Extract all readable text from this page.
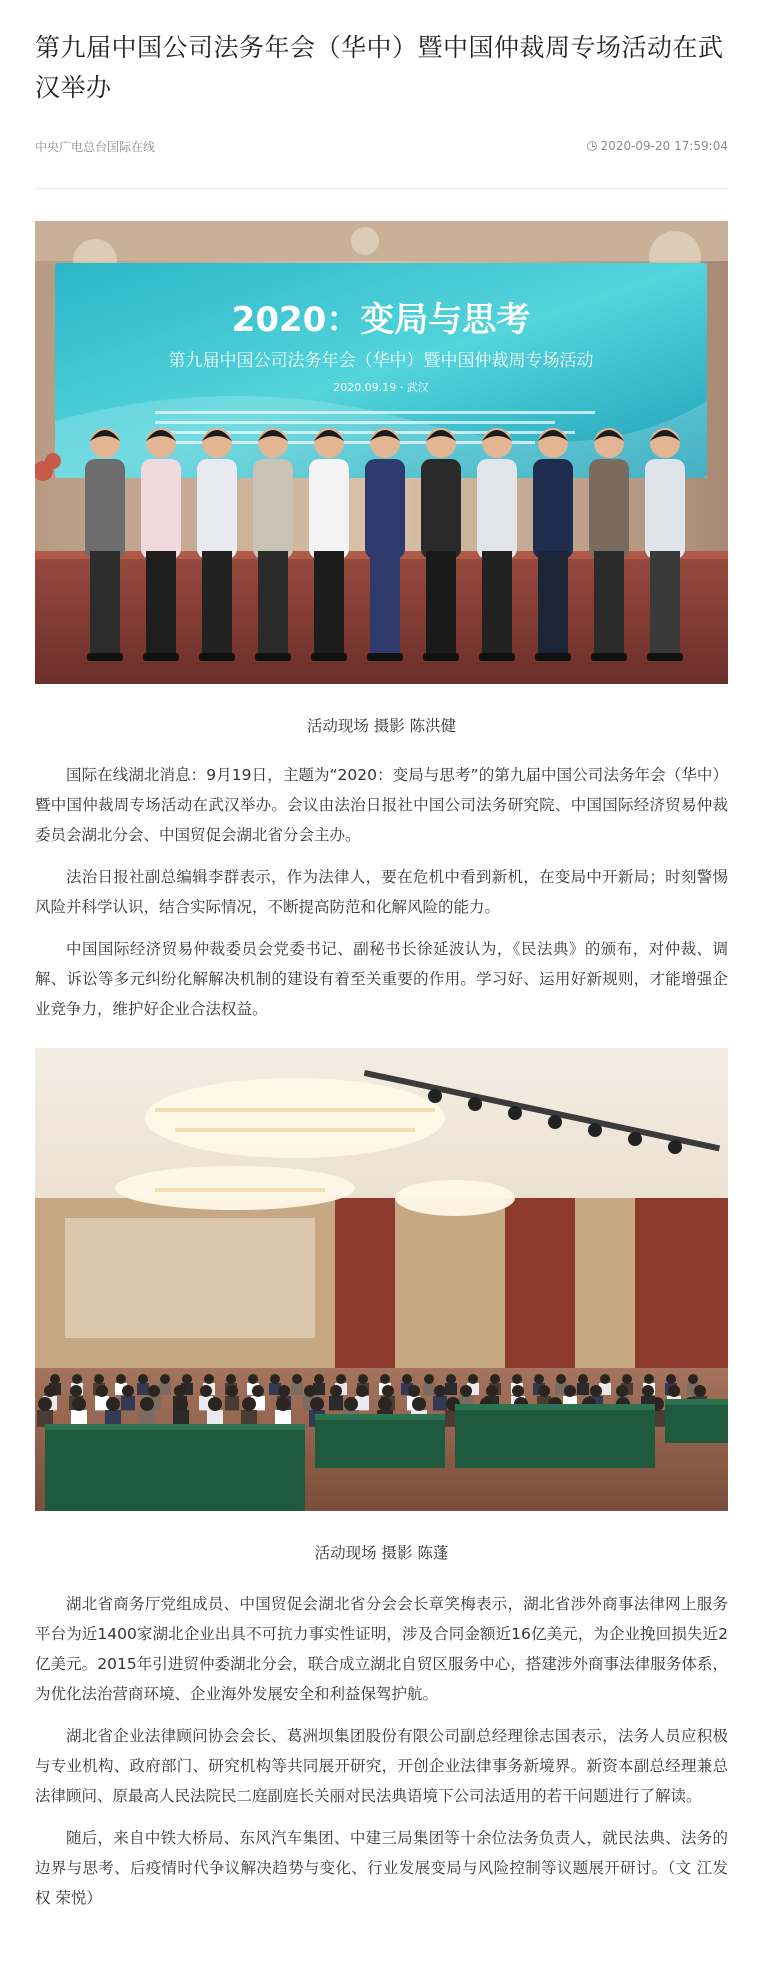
第九届中国公司法务年会（华中）暨中国仲裁周专场活动在武汉举办
中央广电总台国际在线	2020-09-20 17:59:04
2020：变局与思考
第九届中国公司法务年会（华中）暨中国仲裁周专场活动
2020.09.19 · 武汉
活动现场 摄影 陈洪健

国际在线湖北消息：9月19日，主题为“2020：变局与思考”的第九届中国公司法务年会（华中）暨中国仲裁周专场活动在武汉举办。会议由法治日报社中国公司法务研究院、中国国际经济贸易仲裁委员会湖北分会、中国贸促会湖北省分会主办。

法治日报社副总编辑李群表示，作为法律人，要在危机中看到新机，在变局中开新局；时刻警惕风险并科学认识，结合实际情况，不断提高防范和化解风险的能力。

中国国际经济贸易仲裁委员会党委书记、副秘书长徐延波认为，《民法典》的颁布，对仲裁、调解、诉讼等多元纠纷化解解决机制的建设有着至关重要的作用。学习好、运用好新规则，才能增强企业竞争力，维护好企业合法权益。

活动现场 摄影 陈蓬

湖北省商务厅党组成员、中国贸促会湖北省分会会长章笑梅表示，湖北省涉外商事法律网上服务平台为近1400家湖北企业出具不可抗力事实性证明，涉及合同金额近16亿美元，为企业挽回损失近2亿美元。2015年引进贸仲委湖北分会，联合成立湖北自贸区服务中心，搭建涉外商事法律服务体系，为优化法治营商环境、企业海外发展安全和利益保驾护航。

湖北省企业法律顾问协会会长、葛洲坝集团股份有限公司副总经理徐志国表示，法务人员应积极与专业机构、政府部门、研究机构等共同展开研究，开创企业法律事务新境界。新资本副总经理兼总法律顾问、原最高人民法院民二庭副庭长关丽对民法典语境下公司法适用的若干问题进行了解读。

随后，来自中铁大桥局、东风汽车集团、中建三局集团等十余位法务负责人，就民法典、法务的边界与思考、后疫情时代争议解决趋势与变化、行业发展变局与风险控制等议题展开研讨。（文 江发权 荣悦）
